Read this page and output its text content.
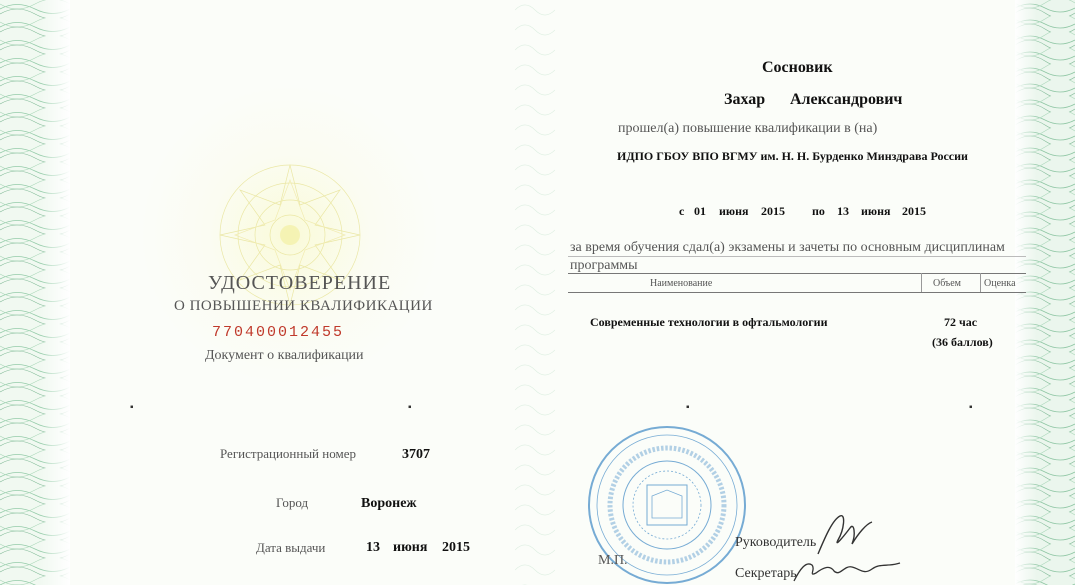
УДОСТОВЕРЕНИЕ
О ПОВЫШЕНИИ КВАЛИФИКАЦИИ
770400012455
Документ о квалификации
▪	▪
Регистрационный номер	3707
Город	Воронеж
Дата выдачи	13 июня 2015
Сосновик
Захар Александрович
прошел(а) повышение квалификации в (на)
ИДПО ГБОУ ВПО ВГМУ им. Н. Н. Бурденко Минздрава России
с 01 июня 2015 по 13 июня 2015
за время обучения сдал(а) экзамены и зачеты по основным дисциплинам
программы
Наименование	Объем Оценка
Современные технологии в офтальмологии	72 час
(36 баллов)
▪	▪
М.П.
Руководитель
Секретарь
